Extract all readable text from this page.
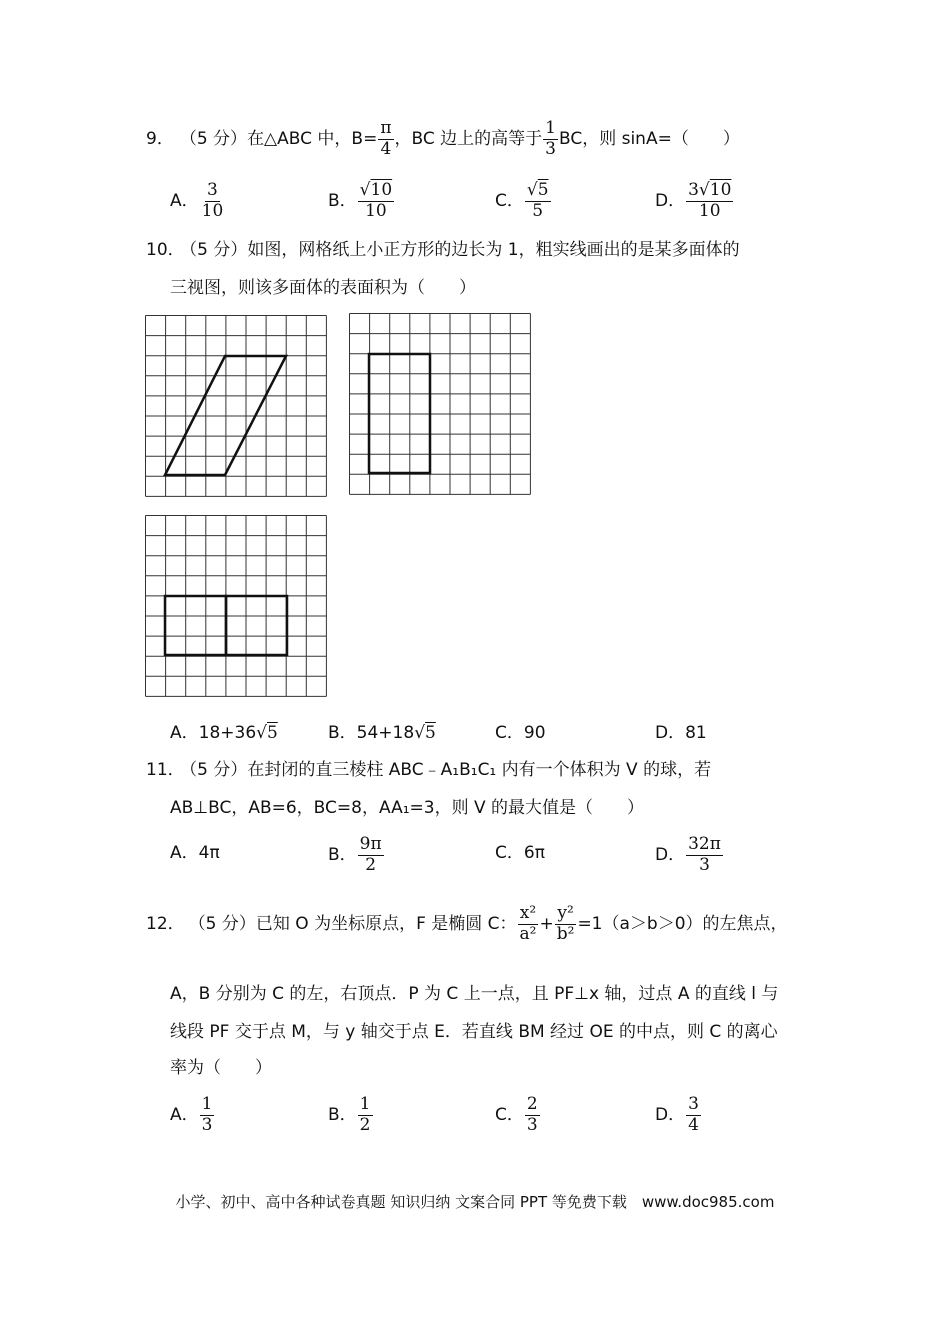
9． （5 分） 在△ABC 中，$B= \frac{\pi}{4}$ ，BC 边上的高等于 $\frac{1}{3}$ BC，则 sinA=（　　）
A． $\frac{3}{10}$	B． $\frac{√10}{10}$	C． $\frac{√5}{5}$	D． $\frac{3√10}{10}$
10． （5 分）如图，网格纸上小正方形的边长为 1，粗实线画出的是某多面体的
三视图，则该多面体的表面积为（　　）
A． 18+36 √ 5	B． 54+18 √ 5	C． 90	D． 81
11． （5 分）在封闭的直三棱柱 ABC﹣A₁B₁C₁ 内有一个体积为 V 的球，若
AB⊥BC，AB=6，BC=8，AA₁=3，则 V 的最大值是（　　）
A． 4π	B． $\frac{9\pi}{2}$	C． 6π	D． $\frac{32\pi}{3}$
12． （5 分） 已知 O 为坐标原点，F 是椭圆 C： $\frac{\text{x²}}{\text{a²}} + \frac{\text{y²}}{\text{b²}} =1(a>b>0)$的左焦点，
A，B 分别为 C 的左，右顶点．P 为 C 上一点，且 PF⊥x 轴，过点 A 的直线 l 与
线段 PF 交于点 M，与 y 轴交于点 E．若直线 BM 经过 OE 的中点，则 C 的离心
率为（　　）
A． $\frac{1}{3}$	B． $\frac{1}{2}$	C． $\frac{2}{3}$	D． $\frac{3}{4}$
小学、初中、高中各种试卷真题 知识归纳 文案合同 PPT 等免费下载　www.doc985.com
